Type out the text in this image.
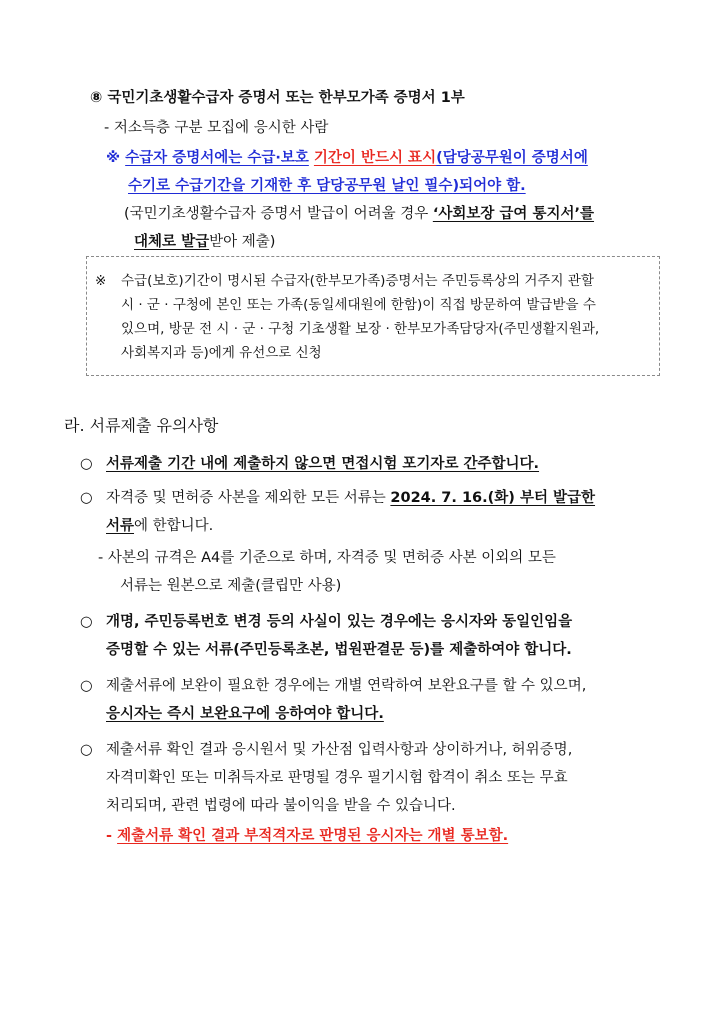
⑧ 국민기초생활수급자 증명서 또는 한부모가족 증명서 1부
- 저소득층 구분 모집에 응시한 사람
※ 수급자 증명서에는 수급·보호 기간이 반드시 표시(담당공무원이 증명서에
수기로 수급기간을 기재한 후 담당공무원 날인 필수)되어야 함.
(국민기초생활수급자 증명서 발급이 어려울 경우 ‘사회보장 급여 통지서’를
대체로 발급받아 제출)
※ 수급(보호)기간이 명시된 수급자(한부모가족)증명서는 주민등록상의 거주지 관할
시 · 군 · 구청에 본인 또는 가족(동일세대원에 한함)이 직접 방문하여 발급받을 수
있으며, 방문 전 시 · 군 · 구청 기초생활 보장 · 한부모가족담당자(주민생활지원과,
사회복지과 등)에게 유선으로 신청
라. 서류제출 유의사항
○ 서류제출 기간 내에 제출하지 않으면 면접시험 포기자로 간주합니다.
○ 자격증 및 면허증 사본을 제외한 모든 서류는 2024. 7. 16.(화) 부터 발급한
서류에 한합니다.
- 사본의 규격은 A4를 기준으로 하며, 자격증 및 면허증 사본 이외의 모든
서류는 원본으로 제출(클립만 사용)
○ 개명, 주민등록번호 변경 등의 사실이 있는 경우에는 응시자와 동일인임을
증명할 수 있는 서류(주민등록초본, 법원판결문 등)를 제출하여야 합니다.
○ 제출서류에 보완이 필요한 경우에는 개별 연락하여 보완요구를 할 수 있으며,
응시자는 즉시 보완요구에 응하여야 합니다.
○ 제출서류 확인 결과 응시원서 및 가산점 입력사항과 상이하거나, 허위증명,
자격미확인 또는 미취득자로 판명될 경우 필기시험 합격이 취소 또는 무효
처리되며, 관련 법령에 따라 불이익을 받을 수 있습니다.
- 제출서류 확인 결과 부적격자로 판명된 응시자는 개별 통보함.
